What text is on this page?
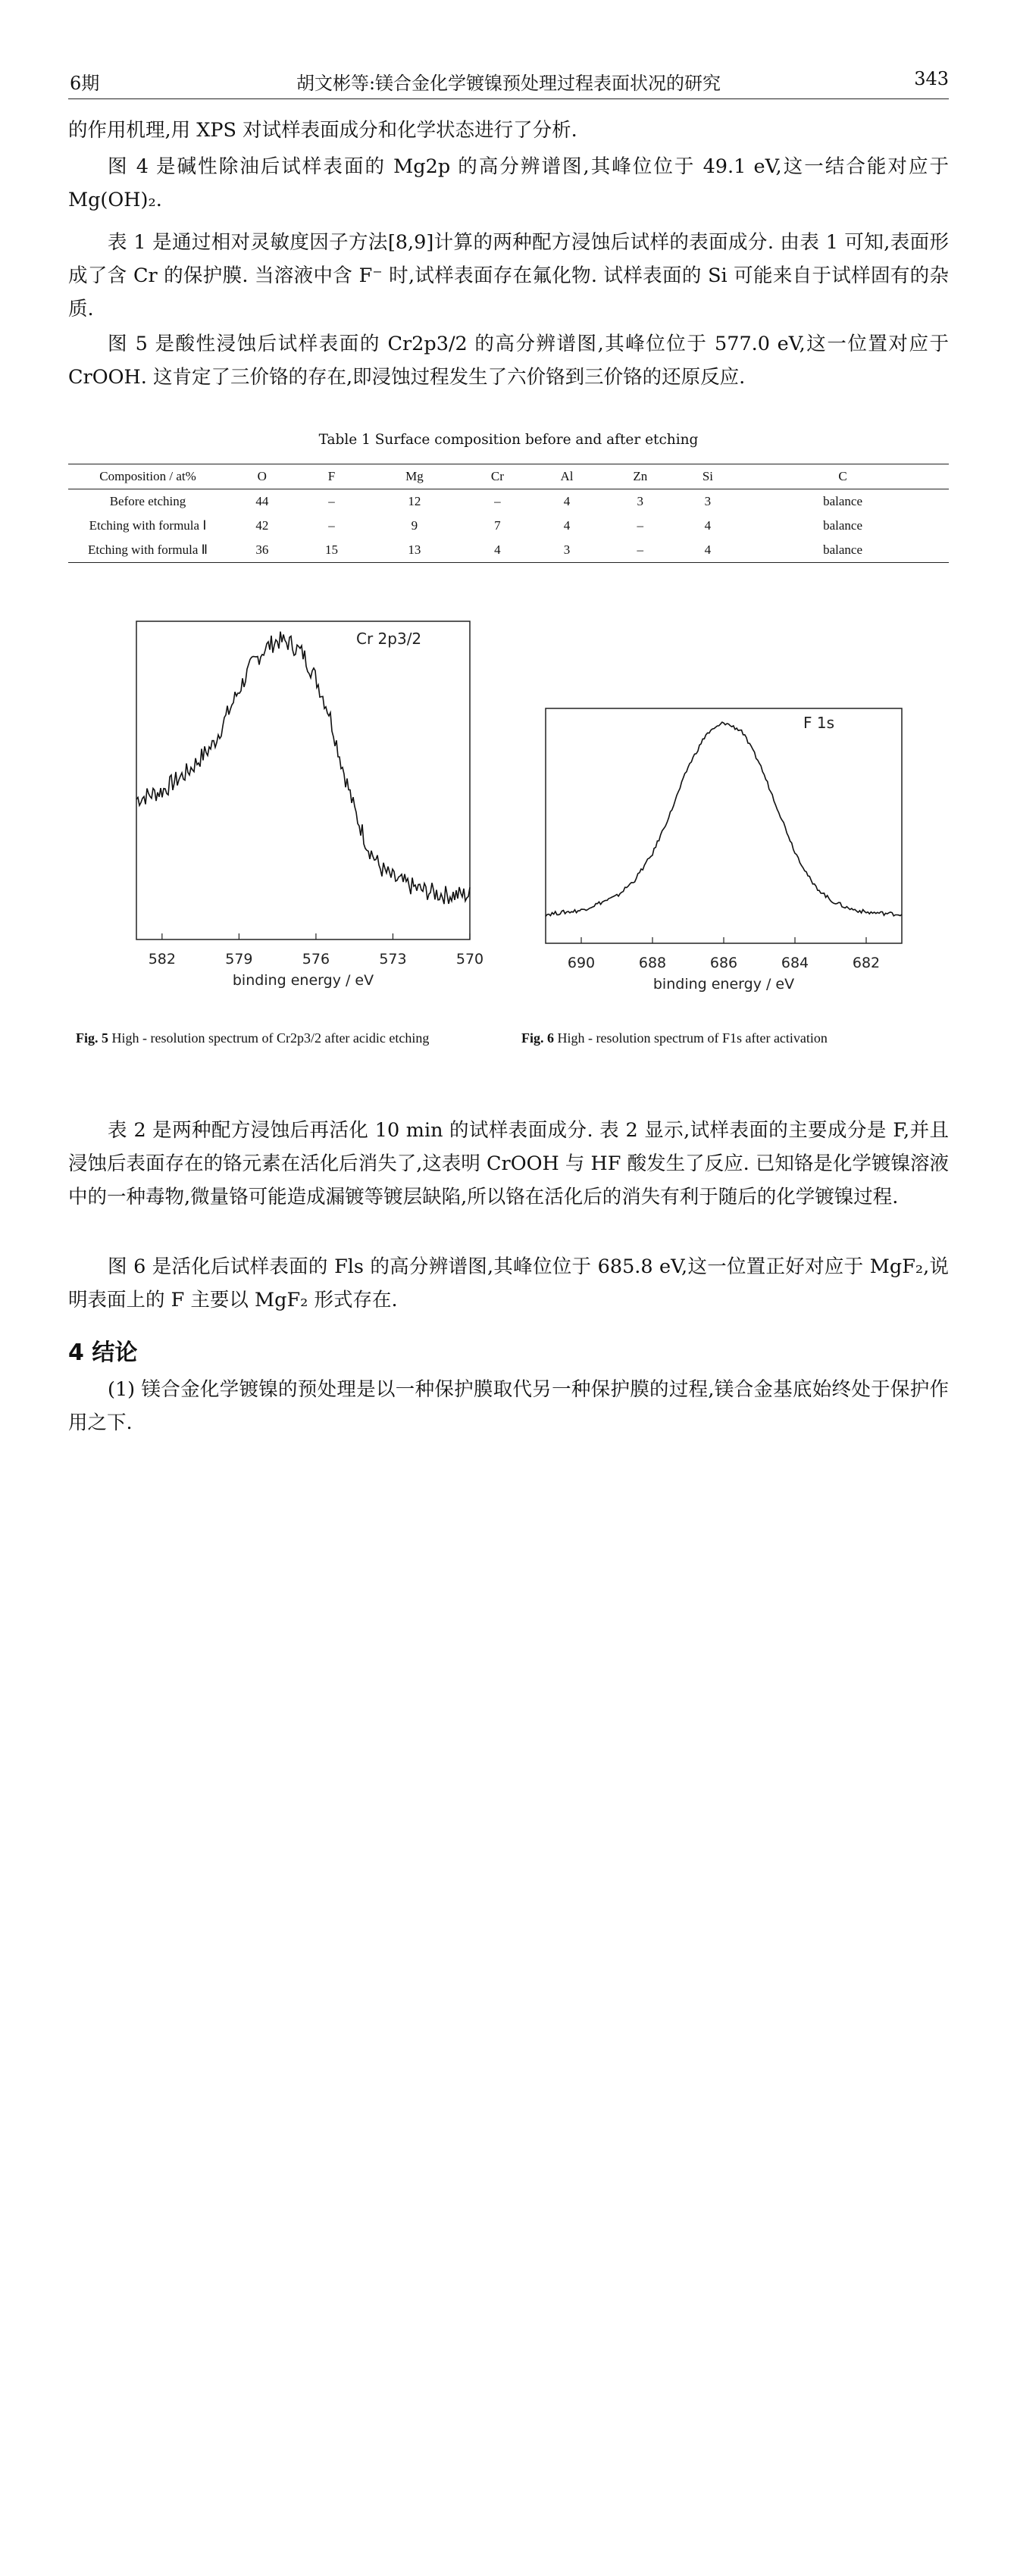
6期	胡文彬等:镁合金化学镀镍预处理过程表面状况的研究	343
的作用机理,用 XPS 对试样表面成分和化学状态进行了分析.
图 4 是碱性除油后试样表面的 Mg2p 的高分辨谱图,其峰位位于 49.1 eV,这一结合能对应于 Mg(OH)₂.
表 1 是通过相对灵敏度因子方法[8,9]计算的两种配方浸蚀后试样的表面成分. 由表 1 可知,表面形成了含 Cr 的保护膜. 当溶液中含 F⁻ 时,试样表面存在氟化物. 试样表面的 Si 可能来自于试样固有的杂质.
图 5 是酸性浸蚀后试样表面的 Cr2p3/2 的高分辨谱图,其峰位位于 577.0 eV,这一位置对应于 CrOOH. 这肯定了三价铬的存在,即浸蚀过程发生了六价铬到三价铬的还原反应.
Table 1 Surface composition before and after etching
Composition / at%	O	F	Mg	Cr	Al	Zn	Si	C
Before etching	44	–	12	–	4	3	3	balance
Etching with formula Ⅰ	42	–	9	7	4	–	4	balance
Etching with formula Ⅱ	36	15	13	4	3	–	4	balance
582	579	576	573	570
binding energy / eV
Cr 2p3/2
690	688	686	684	682
binding energy / eV
F 1s
Fig. 5 High - resolution spectrum of Cr2p3/2 after acidic etching	Fig. 6 High - resolution spectrum of F1s after activation
表 2 是两种配方浸蚀后再活化 10 min 的试样表面成分. 表 2 显示,试样表面的主要成分是 F,并且浸蚀后表面存在的铬元素在活化后消失了,这表明 CrOOH 与 HF 酸发生了反应. 已知铬是化学镀镍溶液中的一种毒物,微量铬可能造成漏镀等镀层缺陷,所以铬在活化后的消失有利于随后的化学镀镍过程.
图 6 是活化后试样表面的 Fls 的高分辨谱图,其峰位位于 685.8 eV,这一位置正好对应于 MgF₂,说明表面上的 F 主要以 MgF₂ 形式存在.
4 结论
(1) 镁合金化学镀镍的预处理是以一种保护膜取代另一种保护膜的过程,镁合金基底始终处于保护作用之下.
